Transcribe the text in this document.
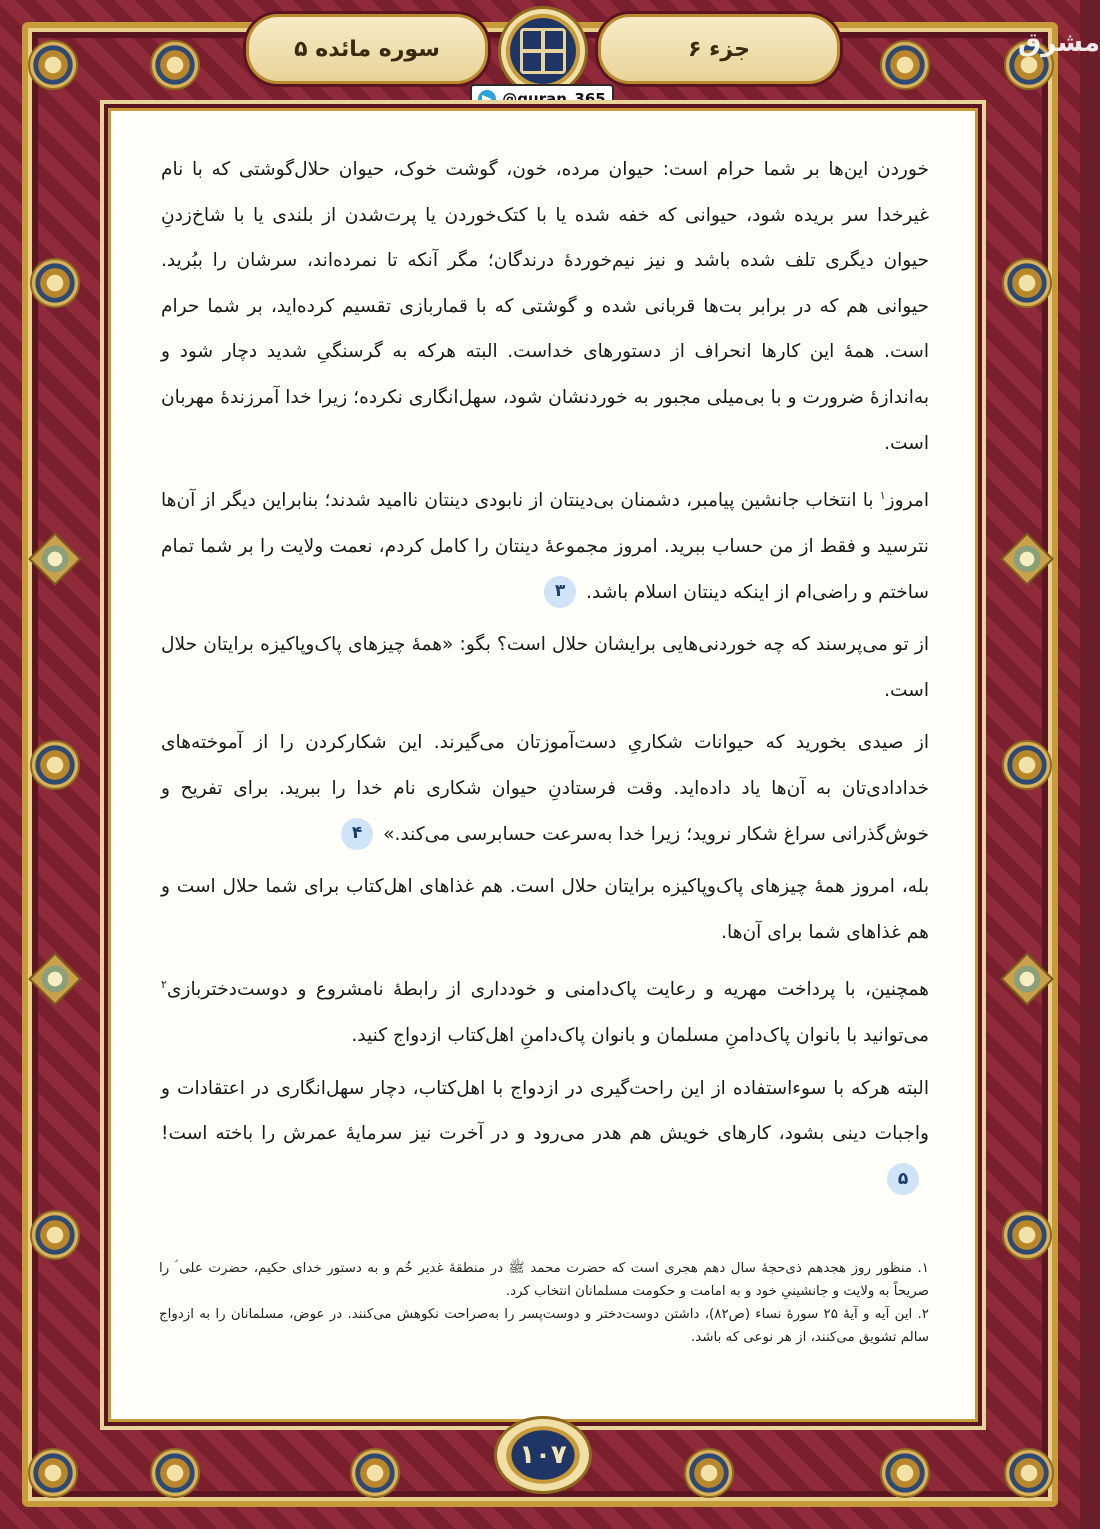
سوره مائده ۵	جزء ۶
@quran_365
مشرق

خوردن این‌ها بر شما حرام است: حیوان مرده، خون، گوشت خوک، حیوان حلال‌گوشتی که با نام غیرخدا سر بریده شود، حیوانی که خفه شده یا با کتک‌خوردن یا پرت‌شدن از بلندی یا با شاخ‌زدنِ حیوان دیگری تلف شده باشد و نیز نیم‌خوردهٔ درندگان؛ مگر آنکه تا نمرده‌اند، سرشان را ببُرید. حیوانی هم که در برابر بت‌ها قربانی شده و گوشتی که با قماربازی تقسیم کرده‌اید، بر شما حرام است. همهٔ این کارها انحراف از دستورهای خداست. البته هرکه به گرسنگیِ شدید دچار شود و به‌اندازهٔ ضرورت و با بی‌میلی مجبور به خوردنشان شود، سهل‌انگاری نکرده؛ زیرا خدا آمرزندهٔ مهربان است.

امروز$^۱$ با انتخاب جانشین پیامبر، دشمنان بی‌دینتان از نابودی دینتان ناامید شدند؛ بنابراین دیگر از آن‌ها نترسید و فقط از من حساب ببرید. امروز مجموعهٔ دینتان را کامل کردم، نعمت ولایت را بر شما تمام ساختم و راضی‌ام از اینکه دینتان اسلام باشد.۳

از تو می‌پرسند که چه خوردنی‌هایی برایشان حلال است؟ بگو: «همهٔ چیزهای پاک‌وپاکیزه برایتان حلال است.

از صیدی بخورید که حیوانات شکاریِ دست‌آموزتان می‌گیرند. این شکارکردن را از آموخته‌های خدادادی‌تان به آن‌ها یاد داده‌اید. وقت فرستادنِ حیوان شکاری نام خدا را ببرید. برای تفریح و خوش‌گذرانی سراغ شکار نروید؛ زیرا خدا به‌سرعت حسابرسی می‌کند.»۴

بله، امروز همهٔ چیزهای پاک‌وپاکیزه برایتان حلال است. هم غذاهای اهل‌کتاب برای شما حلال است و هم غذاهای شما برای آن‌ها.

همچنین، با پرداخت مهریه و رعایت پاک‌دامنی و خودداری از رابطهٔ نامشروع و دوست‌دختربازی$^۲$ می‌توانید با بانوان پاک‌دامنِ مسلمان و بانوان پاک‌دامنِ اهل‌کتاب ازدواج کنید.

البته هرکه با سوءاستفاده از این راحت‌گیری در ازدواج با اهل‌کتاب، دچار سهل‌انگاری در اعتقادات و واجبات دینی بشود، کارهای خویش هم هدر می‌رود و در آخرت نیز سرمایهٔ عمرش را باخته است!۵

۱. منظور روز هجدهم ذی‌حجهٔ سال دهم هجری است که حضرت محمد ﷺ در منطقهٔ غدیر خُم و به دستور خدای حکیم، حضرت علی ؑ را صریحاً به ولایت و جانشینیِ خود و به امامت و حکومت مسلمانان انتخاب کرد.

۲. این آیه و آیهٔ ۲۵ سورهٔ نساء (ص۸۲)، داشتن دوست‌دختر و دوست‌پسر را به‌صراحت نکوهش می‌کنند. در عوض، مسلمانان را به ازدواج سالم تشویق می‌کنند، از هر نوعی که باشد.

۱۰۷
